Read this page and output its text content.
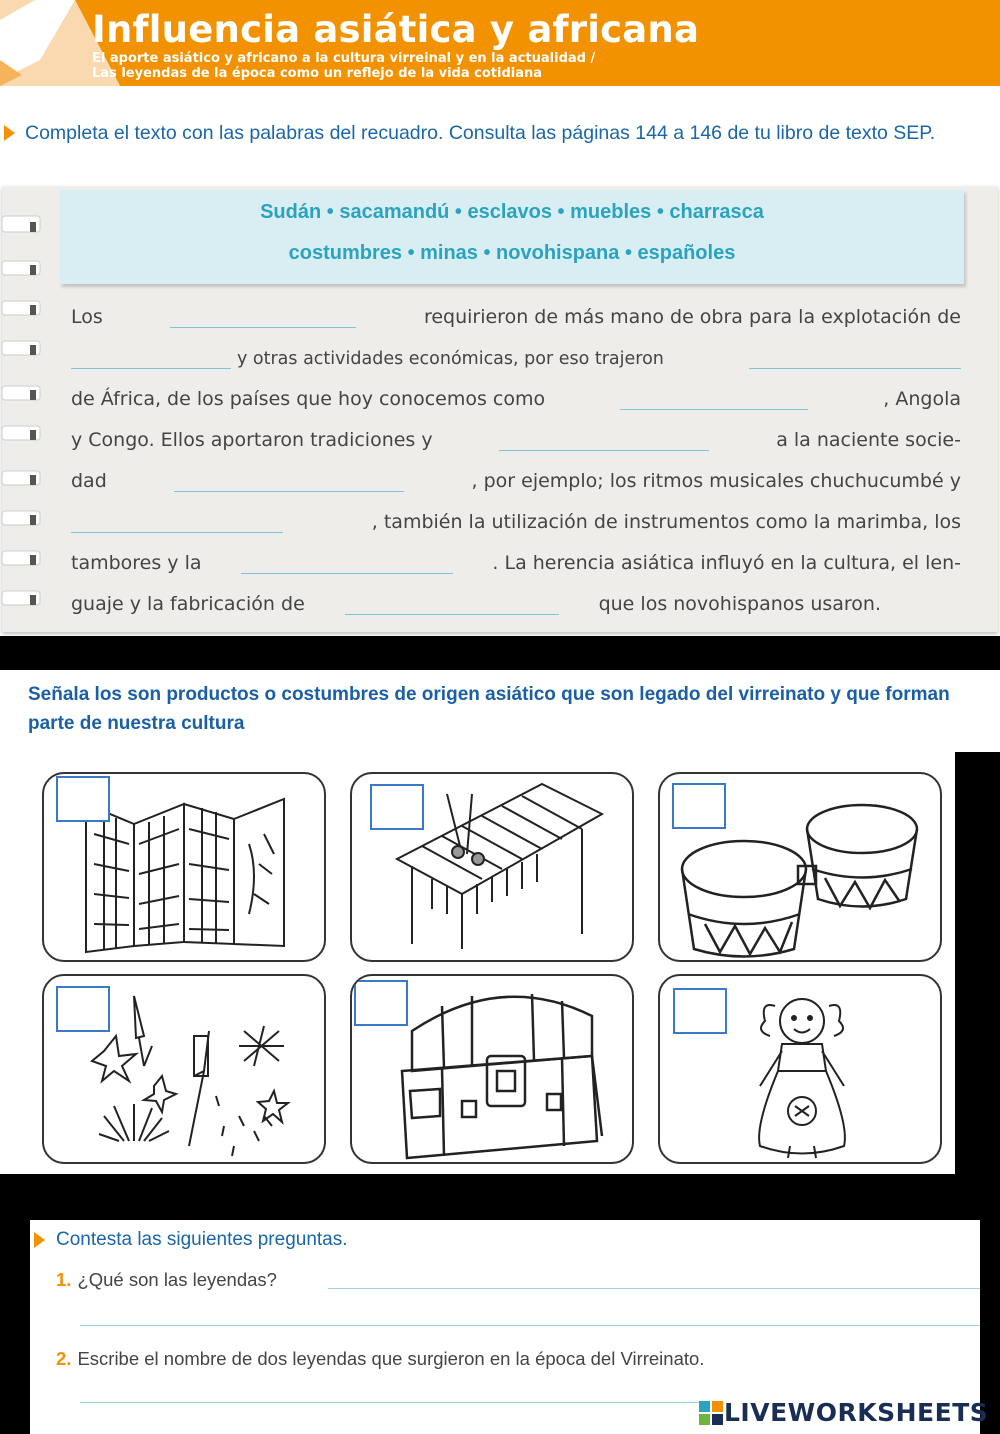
Influencia asiática y africana
El aporte asiático y africano a la cultura virreinal y en la actualidad /
Las leyendas de la época como un reflejo de la vida cotidiana
Completa el texto con las palabras del recuadro. Consulta las páginas 144 a 146 de tu libro de texto SEP.
Sudán • sacamandú • esclavos • muebles • charrasca
costumbres • minas • novohispana • españoles
Los	requirieron de más mano de obra para la explotación de
y otras actividades económicas, por eso trajeron
de África, de los países que hoy conocemos como	, Angola
y Congo. Ellos aportaron tradiciones y	a la naciente socie-
dad	, por ejemplo; los ritmos musicales chuchucumbé y
, también la utilización de instrumentos como la marimba, los
tambores y la	. La herencia asiática influyó en la cultura, el len-
guaje y la fabricación de	que los novohispanos usaron.
Señala los son productos o costumbres de origen asiático que son legado del virreinato y que forman parte de nuestra cultura
Contesta las siguientes preguntas.
1. ¿Qué son las leyendas?
2. Escribe el nombre de dos leyendas que surgieron en la época del Virreinato.
LIVEWORKSHEETS
